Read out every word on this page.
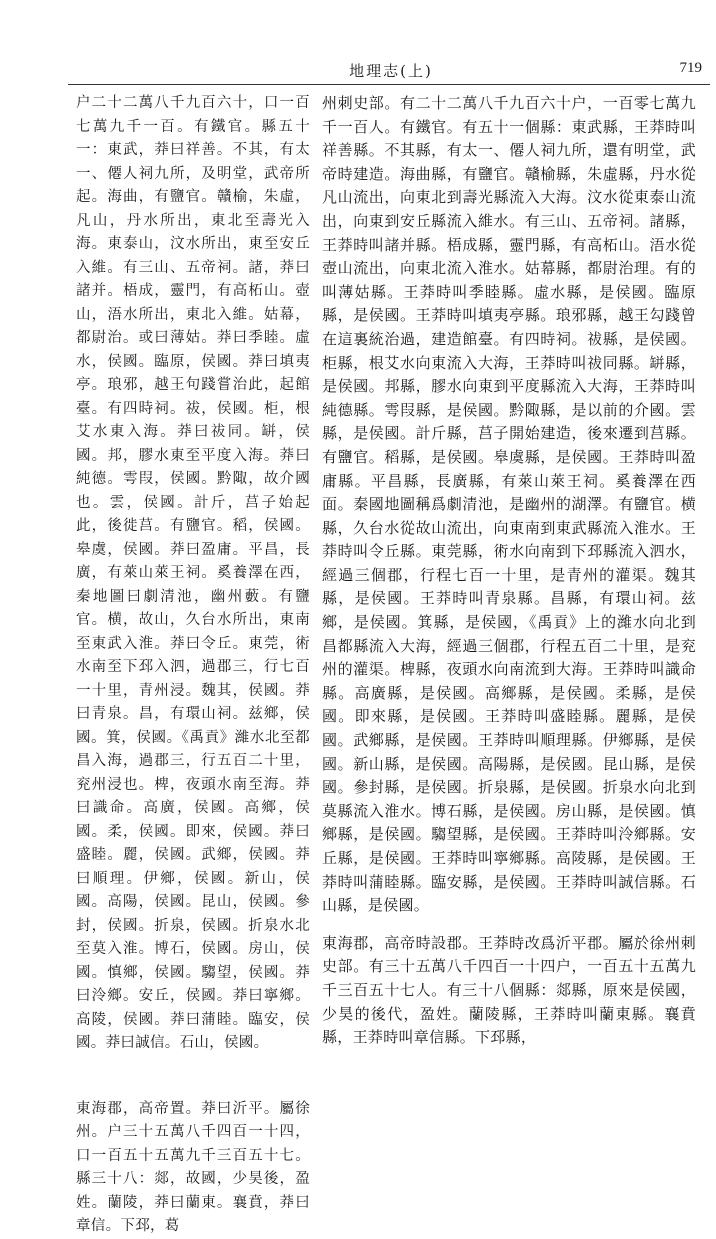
地理志(上)	719

户二十二萬八千九百六十，口一百七萬九千一百。有鐵官。縣五十一：東武，莽曰祥善。不其，有太一、僊人祠九所，及明堂，武帝所起。海曲，有鹽官。贛榆，朱虛，凡山，丹水所出，東北至壽光入海。東泰山，汶水所出，東至安丘入維。有三山、五帝祠。諸，莽曰諸并。梧成，靈門，有高柘山。壺山，浯水所出，東北入維。姑幕，都尉治。或曰薄姑。莽曰季睦。虛水，侯國。臨原，侯國。莽曰填夷亭。琅邪，越王句踐嘗治此，起館臺。有四時祠。祓，侯國。柜，根艾水東入海。莽曰祓同。缾，侯國。邦，膠水東至平度入海。莽曰純德。雩叚，侯國。黔陬，故介國也。雲，侯國。計斤，莒子始起此，後徙莒。有鹽官。稻，侯國。皋虞，侯國。莽曰盈庸。平昌，長廣，有萊山萊王祠。奚養澤在西，秦地圖曰劇清池，幽州藪。有鹽官。横，故山，久台水所出，東南至東武入淮。莽曰令丘。東莞，術水南至下邳入泗，過郡三，行七百一十里，青州浸。魏其，侯國。莽曰青泉。昌，有環山祠。兹鄉，侯國。箕，侯國。《禹貢》濰水北至都昌入海，過郡三，行五百二十里，兖州浸也。椑，夜頭水南至海。莽曰識命。高廣，侯國。高鄉，侯國。柔，侯國。即來，侯國。莽曰盛睦。麗，侯國。武鄉，侯國。莽曰順理。伊鄉，侯國。新山，侯國。高陽，侯國。昆山，侯國。參封，侯國。折泉，侯國。折泉水北至莫入淮。博石，侯國。房山，侯國。慎鄉，侯國。騶望，侯國。莽曰泠鄉。安丘，侯國。莽曰寧鄉。高陵，侯國。莽曰蒲睦。臨安，侯國。莽曰誠信。石山，侯國。

東海郡，高帝置。莽曰沂平。屬徐州。户三十五萬八千四百一十四，口一百五十五萬九千三百五十七。縣三十八：郯，故國，少昊後，盈姓。蘭陵，莽曰蘭東。襄賁，莽曰章信。下邳，葛

州刺史部。有二十二萬八千九百六十户，一百零七萬九千一百人。有鐵官。有五十一個縣：東武縣，王莽時叫祥善縣。不其縣，有太一、僊人祠九所，還有明堂，武帝時建造。海曲縣，有鹽官。贛榆縣，朱虛縣，丹水從凡山流出，向東北到壽光縣流入大海。汶水從東泰山流出，向東到安丘縣流入維水。有三山、五帝祠。諸縣，王莽時叫諸并縣。梧成縣，靈門縣，有高柘山。浯水從壺山流出，向東北流入淮水。姑幕縣，都尉治理。有的叫薄姑縣。王莽時叫季睦縣。虛水縣，是侯國。臨原縣，是侯國。王莽時叫填夷亭縣。琅邪縣，越王勾踐曾在這裏統治過，建造館臺。有四時祠。祓縣，是侯國。柜縣，根艾水向東流入大海，王莽時叫祓同縣。缾縣，是侯國。邦縣，膠水向東到平度縣流入大海，王莽時叫純德縣。雩叚縣，是侯國。黔陬縣，是以前的介國。雲縣，是侯國。計斤縣，莒子開始建造，後來遷到莒縣。有鹽官。稻縣，是侯國。皋虞縣，是侯國。王莽時叫盈庸縣。平昌縣，長廣縣，有萊山萊王祠。奚養澤在西面。秦國地圖稱爲劇清池，是幽州的湖澤。有鹽官。横縣，久台水從故山流出，向東南到東武縣流入淮水。王莽時叫令丘縣。東莞縣，術水向南到下邳縣流入泗水，經過三個郡，行程七百一十里，是青州的灌渠。魏其縣，是侯國。王莽時叫青泉縣。昌縣，有環山祠。兹鄉，是侯國。箕縣，是侯國，《禹貢》上的濰水向北到昌都縣流入大海，經過三個郡，行程五百二十里，是兖州的灌渠。椑縣，夜頭水向南流到大海。王莽時叫識命縣。高廣縣，是侯國。高鄉縣，是侯國。柔縣，是侯國。即來縣，是侯國。王莽時叫盛睦縣。麗縣，是侯國。武鄉縣，是侯國。王莽時叫順理縣。伊鄉縣，是侯國。新山縣，是侯國。高陽縣，是侯國。昆山縣，是侯國。參封縣，是侯國。折泉縣，是侯國。折泉水向北到莫縣流入淮水。博石縣，是侯國。房山縣，是侯國。慎鄉縣，是侯國。騶望縣，是侯國。王莽時叫泠鄉縣。安丘縣，是侯國。王莽時叫寧鄉縣。高陵縣，是侯國。王莽時叫蒲睦縣。臨安縣，是侯國。王莽時叫誠信縣。石山縣，是侯國。

東海郡，高帝時設郡。王莽時改爲沂平郡。屬於徐州刺史部。有三十五萬八千四百一十四户，一百五十五萬九千三百五十七人。有三十八個縣：郯縣，原來是侯國，少昊的後代，盈姓。蘭陵縣，王莽時叫蘭東縣。襄賁縣，王莽時叫章信縣。下邳縣，
